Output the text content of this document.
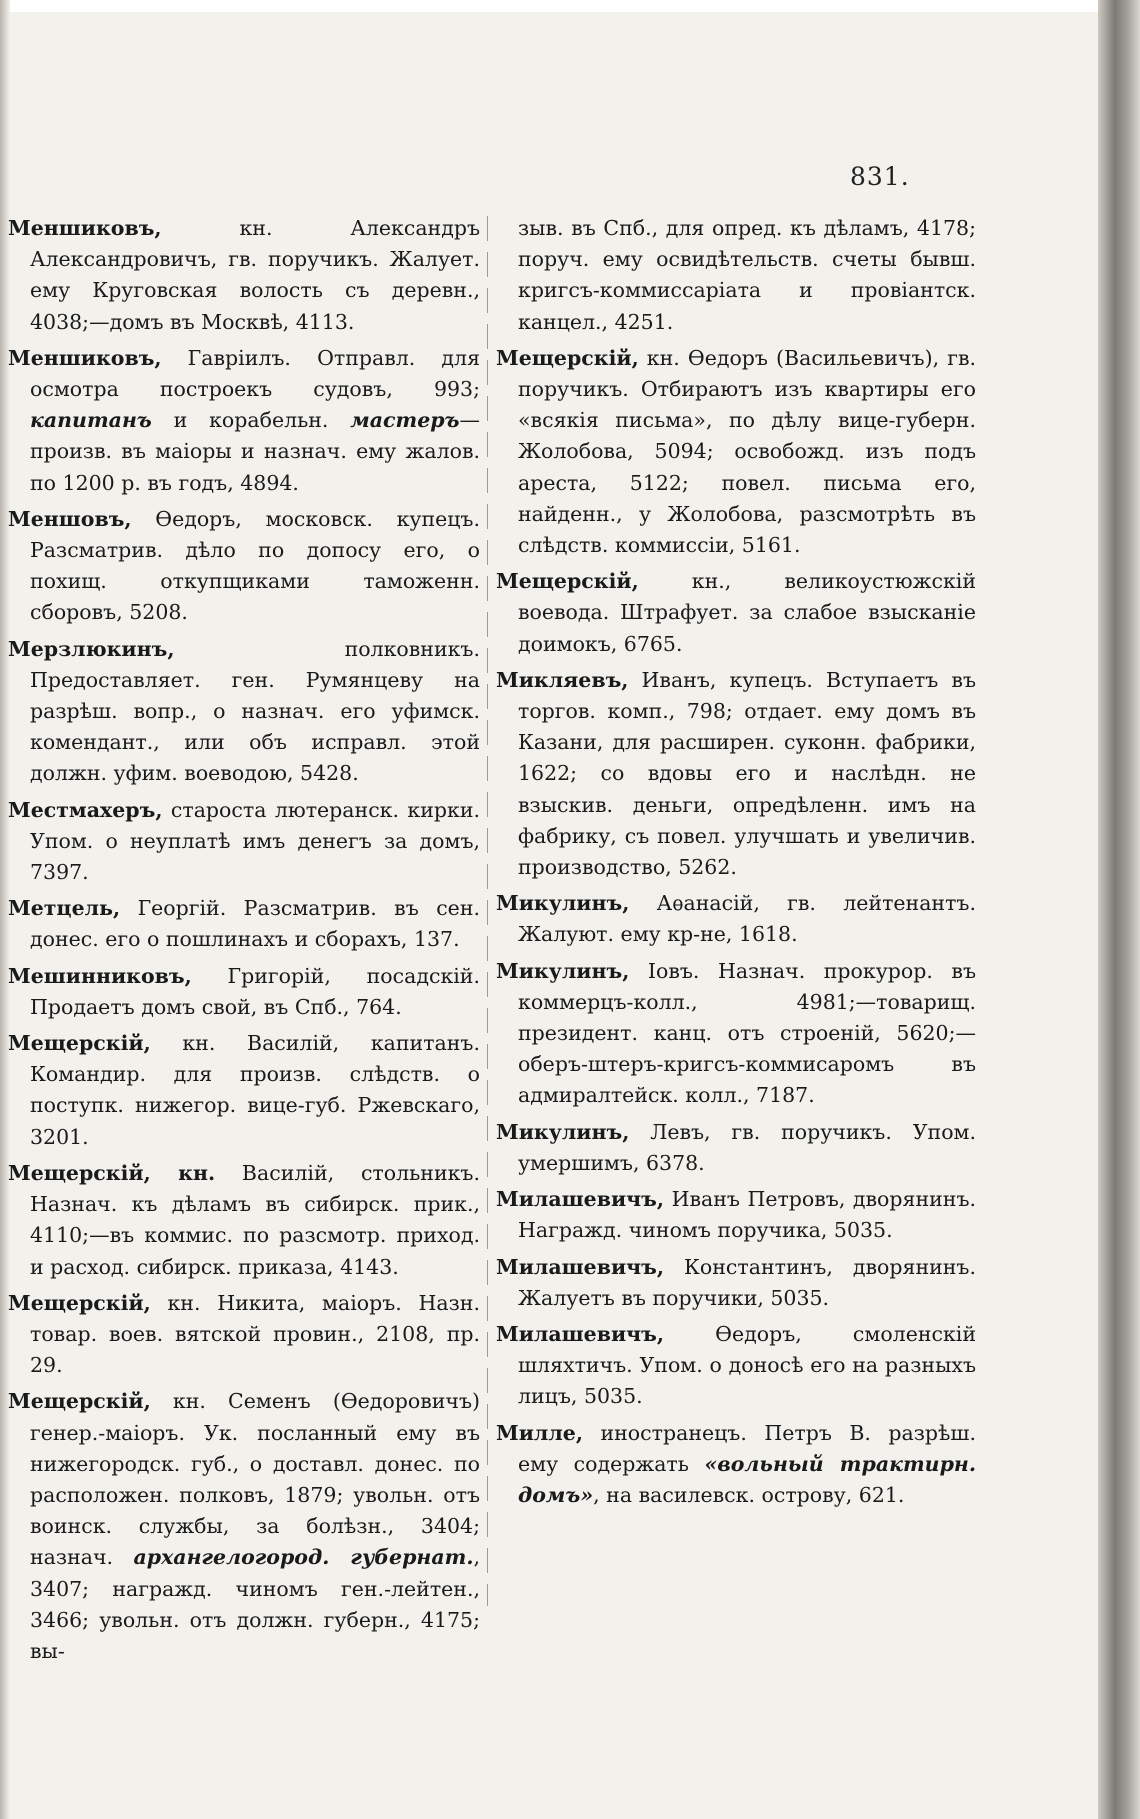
831.

Меншиковъ, кн. Александръ Александровичъ, гв. поручикъ. Жалует. ему Круговская волость съ деревн., 4038;—домъ въ Москвѣ, 4113.

Меншиковъ, Гавріилъ. Отправл. для осмотра построекъ судовъ, 993; капитанъ и корабельн. мастеръ—произв. въ маіоры и назнач. ему жалов. по 1200 р. въ годъ, 4894.

Меншовъ, Ѳедоръ, московск. купецъ. Разсматрив. дѣло по допосу его, о похищ. откупщиками таможенн. сборовъ, 5208.

Мерзлюкинъ, полковникъ. Предоставляет. ген. Румянцеву на разрѣш. вопр., о назнач. его уфимск. комендант., или объ исправл. этой должн. уфим. воеводою, 5428.

Местмахеръ, староста лютеранск. кирки. Упом. о неуплатѣ имъ денегъ за домъ, 7397.

Метцель, Георгій. Разсматрив. въ сен. донес. его о пошлинахъ и сборахъ, 137.

Мешинниковъ, Григорій, посадскій. Продаетъ домъ свой, въ Спб., 764.

Мещерскій, кн. Василій, капитанъ. Командир. для произв. слѣдств. о поступк. нижегор. вице-губ. Ржевскаго, 3201.

Мещерскій, кн. Василій, стольникъ. Назнач. къ дѣламъ въ сибирск. прик., 4110;—въ коммис. по разсмотр. приход. и расход. сибирск. приказа, 4143.

Мещерскій, кн. Никита, маіоръ. Назн. товар. воев. вятской провин., 2108, пр. 29.

Мещерскій, кн. Семенъ (Ѳедоровичъ) генер.-маіоръ. Ук. посланный ему въ нижегородск. губ., о доставл. донес. по расположен. полковъ, 1879; увольн. отъ воинск. службы, за болѣзн., 3404; назнач. архангелогород. губернат., 3407; награжд. чиномъ ген.-лейтен., 3466; увольн. отъ должн. губерн., 4175; вы-

зыв. въ Спб., для опред. къ дѣламъ, 4178; поруч. ему освидѣтельств. счеты бывш. кригсъ-коммиссаріата и провіантск. канцел., 4251.

Мещерскій, кн. Ѳедоръ (Васильевичъ), гв. поручикъ. Отбираютъ изъ квартиры его «всякія письма», по дѣлу вице-губерн. Жолобова, 5094; освобожд. изъ подъ ареста, 5122; повел. письма его, найденн., у Жолобова, разсмотрѣть въ слѣдств. коммиссіи, 5161.

Мещерскій, кн., великоустюжскій воевода. Штрафует. за слабое взысканіе доимокъ, 6765.

Микляевъ, Иванъ, купецъ. Вступаетъ въ торгов. комп., 798; отдает. ему домъ въ Казани, для расширен. суконн. фабрики, 1622; со вдовы его и наслѣдн. не взыскив. деньги, опредѣленн. имъ на фабрику, съ повел. улучшать и увеличив. производство, 5262.

Микулинъ, Аѳанасій, гв. лейтенантъ. Жалуют. ему кр-не, 1618.

Микулинъ, Іовъ. Назнач. прокурор. въ коммерцъ-колл., 4981;—товарищ. президент. канц. отъ строеній, 5620;—оберъ-штеръ-кригсъ-коммисаромъ въ адмиралтейск. колл., 7187.

Микулинъ, Левъ, гв. поручикъ. Упом. умершимъ, 6378.

Милашевичъ, Иванъ Петровъ, дворянинъ. Награжд. чиномъ поручика, 5035.

Милашевичъ, Константинъ, дворянинъ. Жалуетъ въ поручики, 5035.

Милашевичъ, Ѳедоръ, смоленскій шляхтичъ. Упом. о доносѣ его на разныхъ лицъ, 5035.

Милле, иностранецъ. Петръ В. разрѣш. ему содержать «вольный трактирн. домъ», на василевск. острову, 621.
